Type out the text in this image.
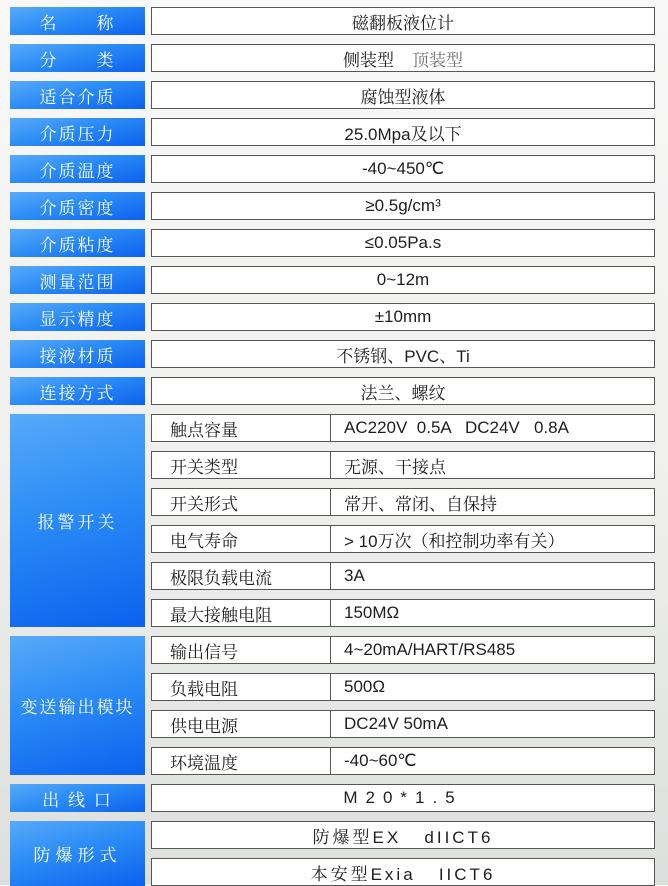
名　　称	磁翻板液位计
分　　类	侧装型 顶装型
适合介质	腐蚀型液体
介质压力	25.0Mpa及以下
介质温度	-40~450℃
介质密度	≥0.5g/cm³
介质粘度	≤0.05Pa.s
测量范围	0~12m
显示精度	±10mm
接液材质	不锈钢、PVC、Ti
连接方式	法兰、螺纹
报警开关
触点容量	AC220V  0.5A   DC24V   0.8A
开关类型	无源、干接点
开关形式	常开、常闭、自保持
电气寿命	> 10万次（和控制功率有关）
极限负载电流	3A
最大接触电阻	150MΩ
变送输出模块
输出信号	4~20mA/HART/RS485
负载电阻	500Ω
供电电源	DC24V 50mA
环境温度	-40~60℃
出 线 口	M20*1.5
防爆形式
防爆型EX   dIICT6
本安型Exia   IICT6
